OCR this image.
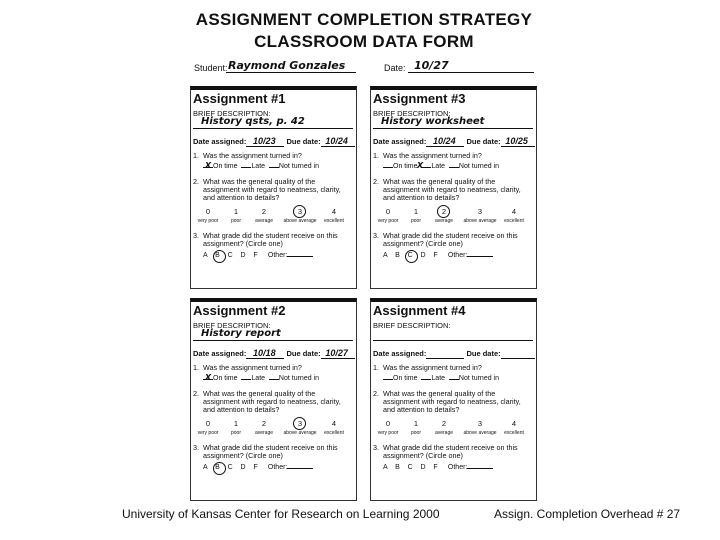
ASSIGNMENT COMPLETION STRATEGY
CLASSROOM DATA FORM
Student: Raymond Gonzales	Date: 10/27
Assignment #1
BRIEF DESCRIPTION:
History qsts, p. 42
Date assigned: 10/23 Due date: 10/24
1. Was the assignment turned in?
On time Late Not turned in
X
2. What was the general quality of the assignment with regard to neatness, clarity, and attention to details?
0
very poor
1
poor
2
average
3
above average
4
excellent
3. What grade did the student receive on this assignment? (Circle one)
A   B   C   D   F Other:
Assignment #3
BRIEF DESCRIPTION:
History worksheet
Date assigned: 10/24 Due date: 10/25
1. Was the assignment turned in?
On time Late Not turned in
X
2. What was the general quality of the assignment with regard to neatness, clarity, and attention to details?
0
very poor
1
poor
2
average
3
above average
4
excellent
3. What grade did the student receive on this assignment? (Circle one)
A   B   C   D   F Other:
Assignment #2
BRIEF DESCRIPTION:
History report
Date assigned: 10/18 Due date: 10/27
1. Was the assignment turned in?
On time Late Not turned in
X
2. What was the general quality of the assignment with regard to neatness, clarity, and attention to details?
0
very poor
1
poor
2
average
3
above average
4
excellent
3. What grade did the student receive on this assignment? (Circle one)
A   B   C   D   F Other:
Assignment #4
BRIEF DESCRIPTION:
Date assigned:	Due date:
1. Was the assignment turned in?
On time Late Not turned in
2. What was the general quality of the assignment with regard to neatness, clarity, and attention to details?
0
very poor
1
poor
2
average
3
above average
4
excellent
3. What grade did the student receive on this assignment? (Circle one)
A   B   C   D   F Other:
University of Kansas Center for Research on Learning 2000	Assign. Completion Overhead # 27
